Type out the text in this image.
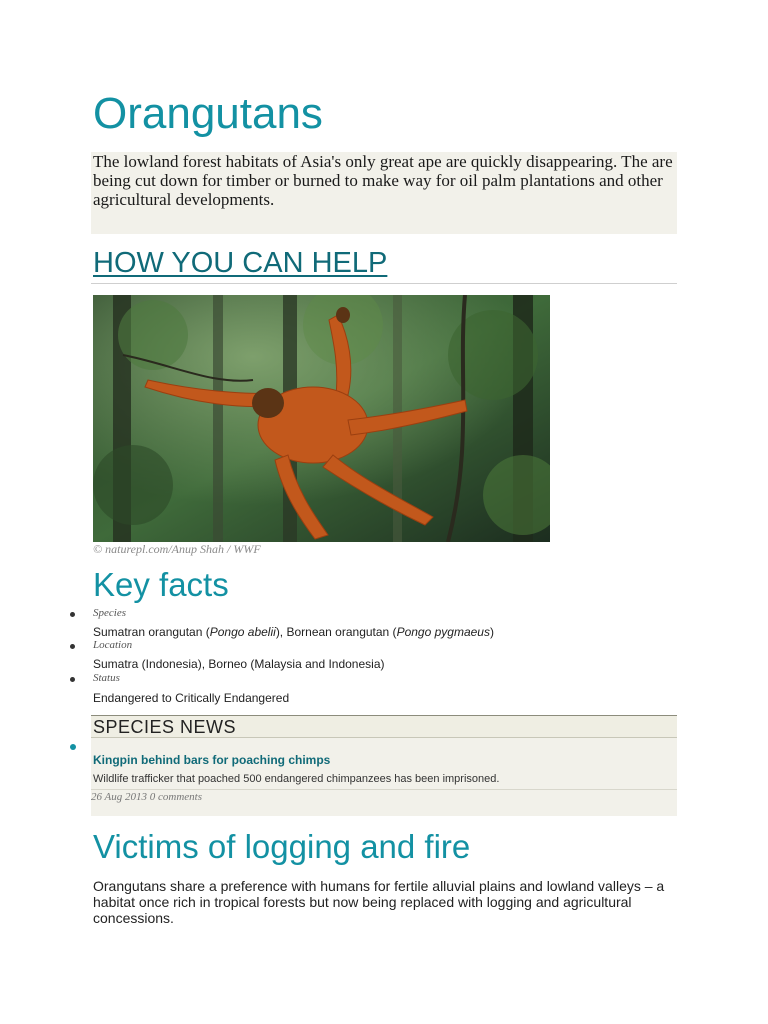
Orangutans

The lowland forest habitats of Asia's only great ape are quickly disappearing. The are being cut down for timber or burned to make way for oil palm plantations and other agricultural developments.

HOW YOU CAN HELP
© naturepl.com/Anup Shah / WWF
Key facts
Species
Sumatran orangutan (Pongo abelii), Bornean orangutan (Pongo pygmaeus)
Location
Sumatra (Indonesia), Borneo (Malaysia and Indonesia)
Status
Endangered to Critically Endangered
SPECIES NEWS
Kingpin behind bars for poaching chimps
Wildlife trafficker that poached 500 endangered chimpanzees has been imprisoned.
26 Aug 2013 0 comments
Victims of logging and fire

Orangutans share a preference with humans for fertile alluvial plains and lowland valleys – a habitat once rich in tropical forests but now being replaced with logging and agricultural concessions.
